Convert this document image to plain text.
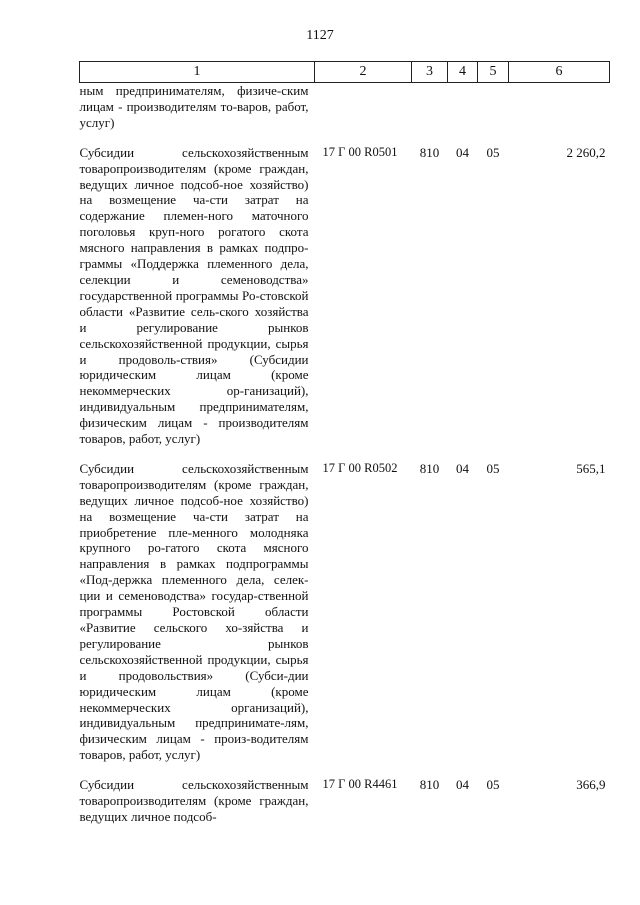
1127
1	2	3	4	5	6
ным предпринимателям, физиче-ским лицам - производителям то-варов, работ, услуг)					
Субсидии сельскохозяйственным товаропроизводителям (кроме граждан, ведущих личное подсоб-ное хозяйство) на возмещение ча-сти затрат на содержание племен-ного маточного поголовья круп-ного рогатого скота мясного направления в рамках подпро-граммы «Поддержка племенного дела, селекции и семеноводства» государственной программы Ро-стовской области «Развитие сель-ского хозяйства и регулирование рынков сельскохозяйственной продукции, сырья и продоволь-ствия» (Субсидии юридическим лицам (кроме некоммерческих ор-ганизаций), индивидуальным предпринимателям, физическим лицам - производителям товаров, работ, услуг)	17 Г 00 R0501	810	04	05	2 260,2
Субсидии сельскохозяйственным товаропроизводителям (кроме граждан, ведущих личное подсоб-ное хозяйство) на возмещение ча-сти затрат на приобретение пле-менного молодняка крупного ро-гатого скота мясного направления в рамках подпрограммы «Под-держка племенного дела, селек-ции и семеноводства» государ-ственной программы Ростовской области «Развитие сельского хо-зяйства и регулирование рынков сельскохозяйственной продукции, сырья и продовольствия» (Субси-дии юридическим лицам (кроме некоммерческих организаций), индивидуальным предпринимате-лям, физическим лицам - произ-водителям товаров, работ, услуг)	17 Г 00 R0502	810	04	05	565,1
Субсидии сельскохозяйственным товаропроизводителям (кроме граждан, ведущих личное подсоб-	17 Г 00 R4461	810	04	05	366,9
